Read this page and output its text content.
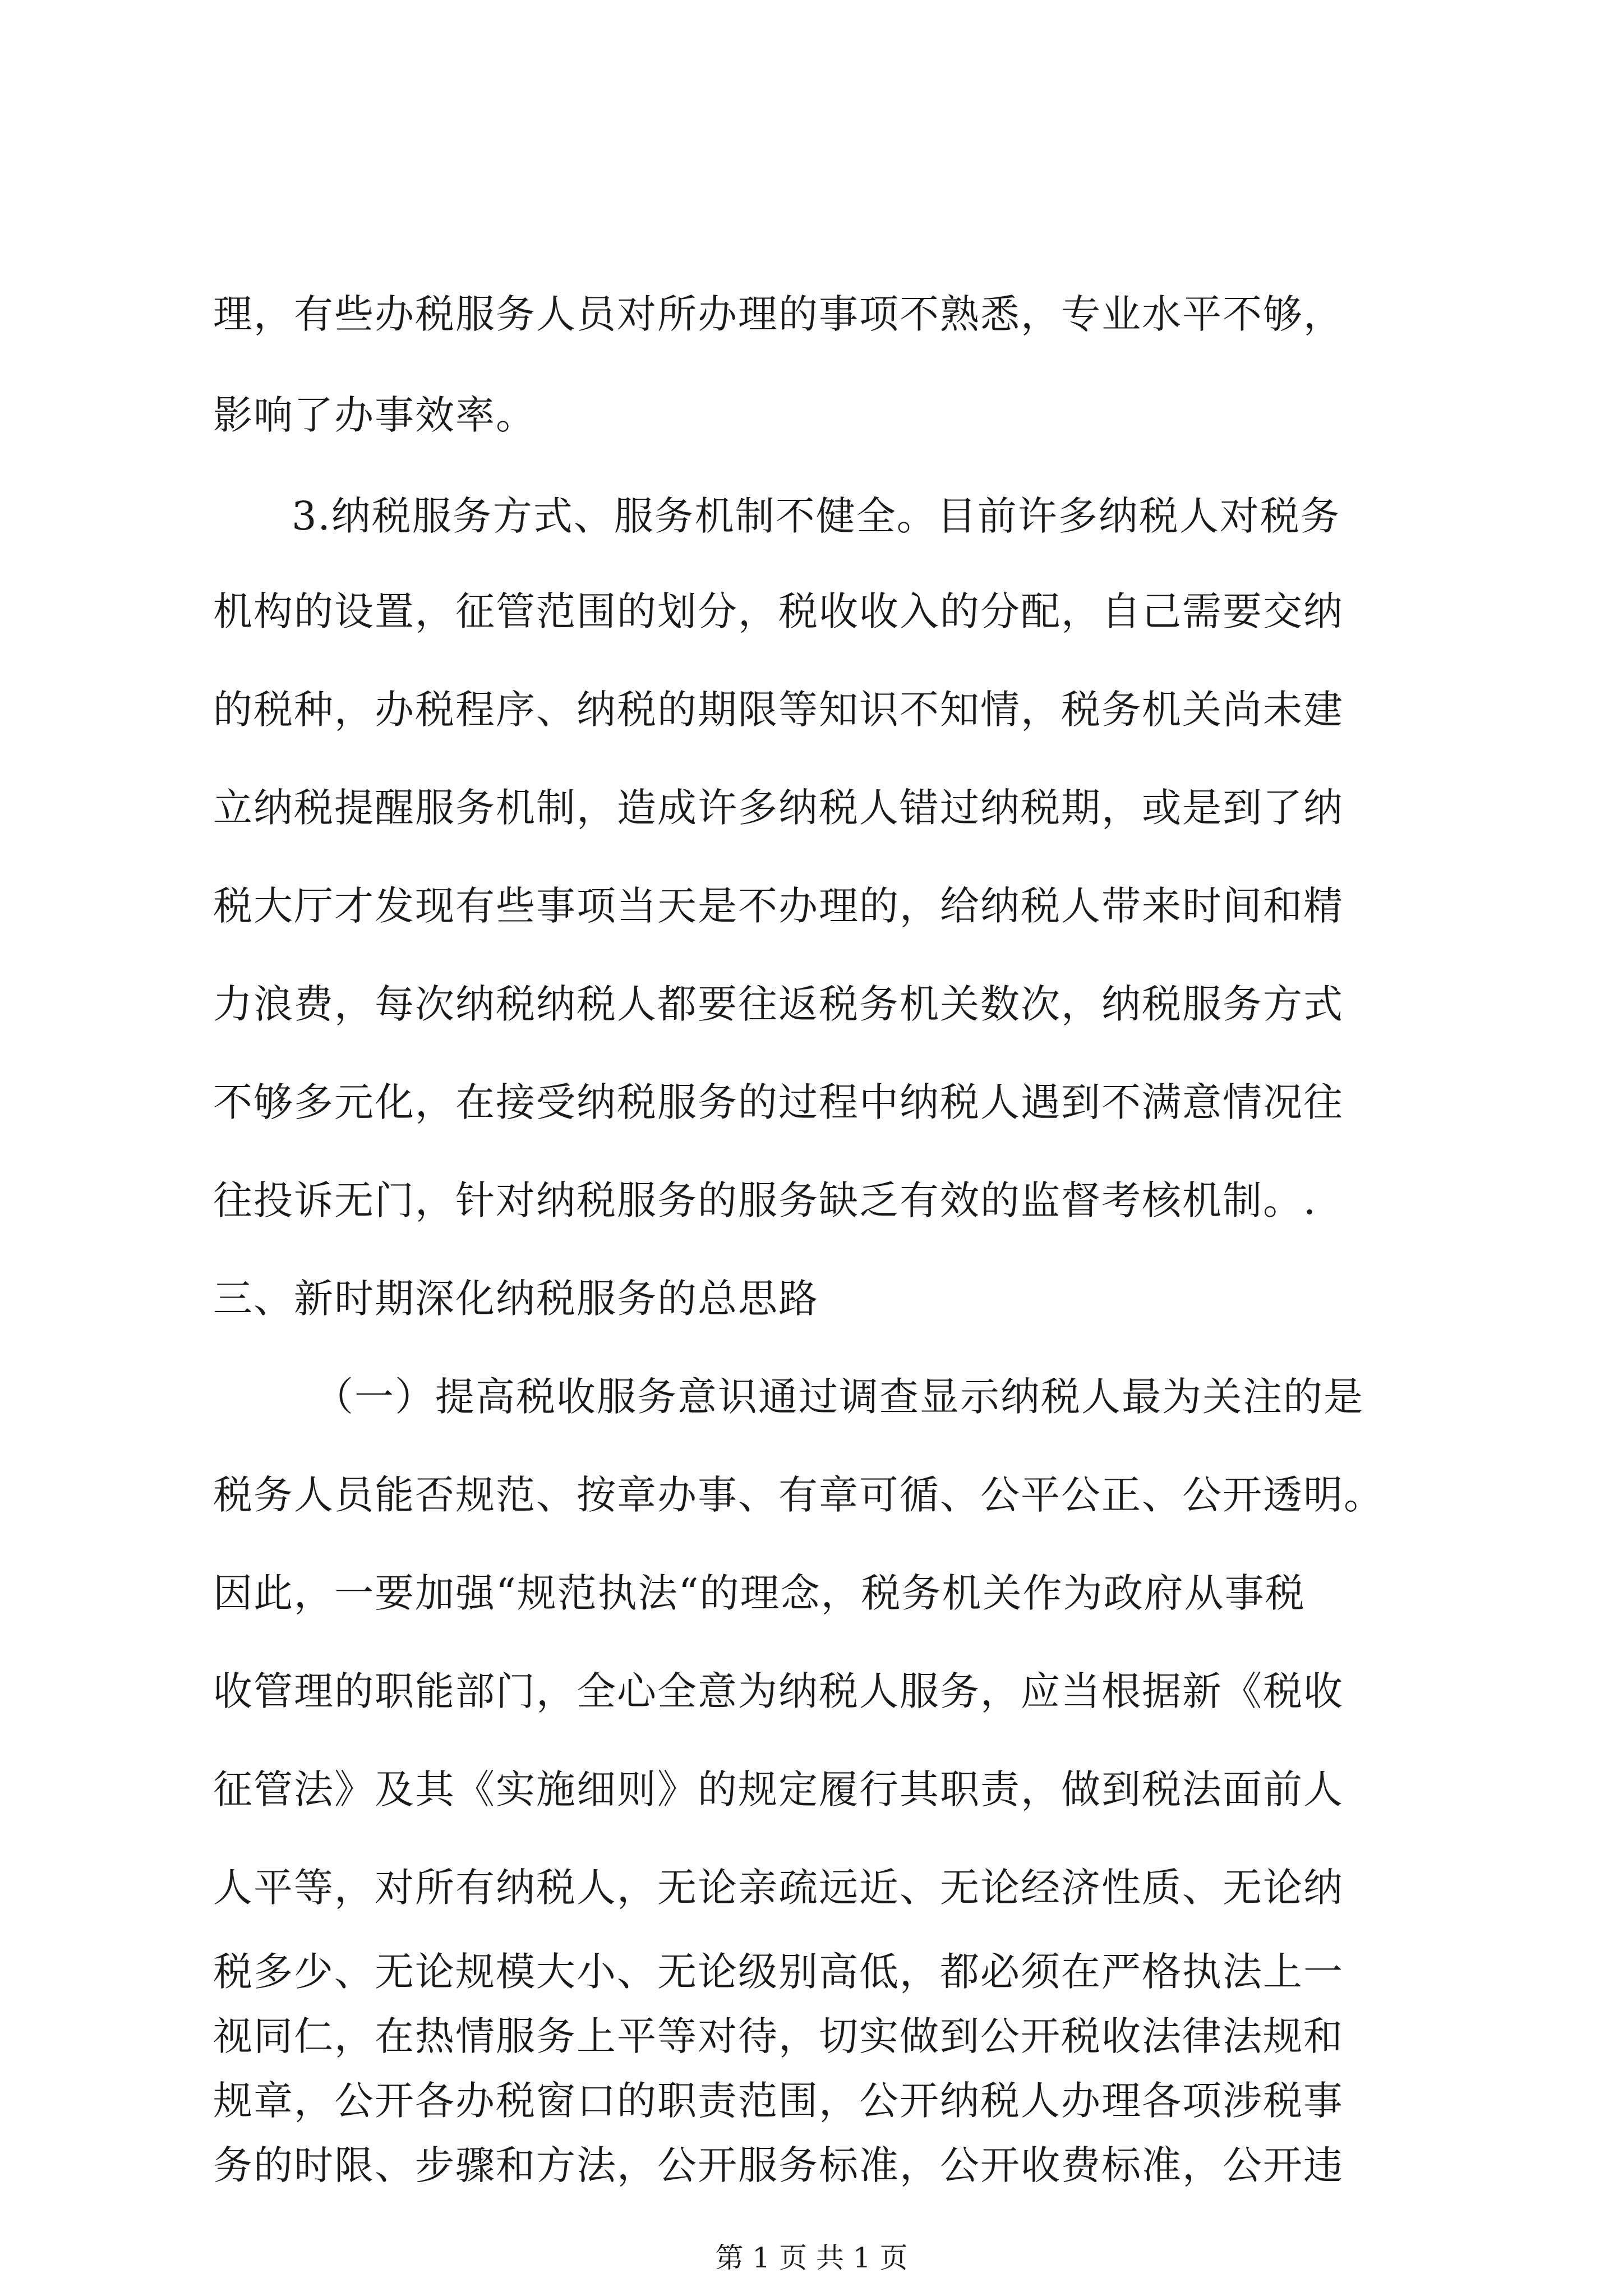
理，有些办税服务人员对所办理的事项不熟悉，专业水平不够，
影响了办事效率。
3.纳税服务方式、服务机制不健全。目前许多纳税人对税务
机构的设置，征管范围的划分，税收收入的分配，自己需要交纳
的税种，办税程序、纳税的期限等知识不知情，税务机关尚未建
立纳税提醒服务机制，造成许多纳税人错过纳税期，或是到了纳
税大厅才发现有些事项当天是不办理的，给纳税人带来时间和精
力浪费，每次纳税纳税人都要往返税务机关数次，纳税服务方式
不够多元化，在接受纳税服务的过程中纳税人遇到不满意情况往
往投诉无门，针对纳税服务的服务缺乏有效的监督考核机制。.
三、新时期深化纳税服务的总思路
（一）提高税收服务意识通过调查显示纳税人最为关注的是
税务人员能否规范、按章办事、有章可循、公平公正、公开透明。
因此，一要加强“规范执法“的理念，税务机关作为政府从事税
收管理的职能部门，全心全意为纳税人服务，应当根据新《税收
征管法》及其《实施细则》的规定履行其职责，做到税法面前人
人平等，对所有纳税人，无论亲疏远近、无论经济性质、无论纳
税多少、无论规模大小、无论级别高低，都必须在严格执法上一
视同仁，在热情服务上平等对待，切实做到公开税收法律法规和
规章，公开各办税窗口的职责范围，公开纳税人办理各项涉税事
务的时限、步骤和方法，公开服务标准，公开收费标准，公开违
第 1 页 共 1 页
